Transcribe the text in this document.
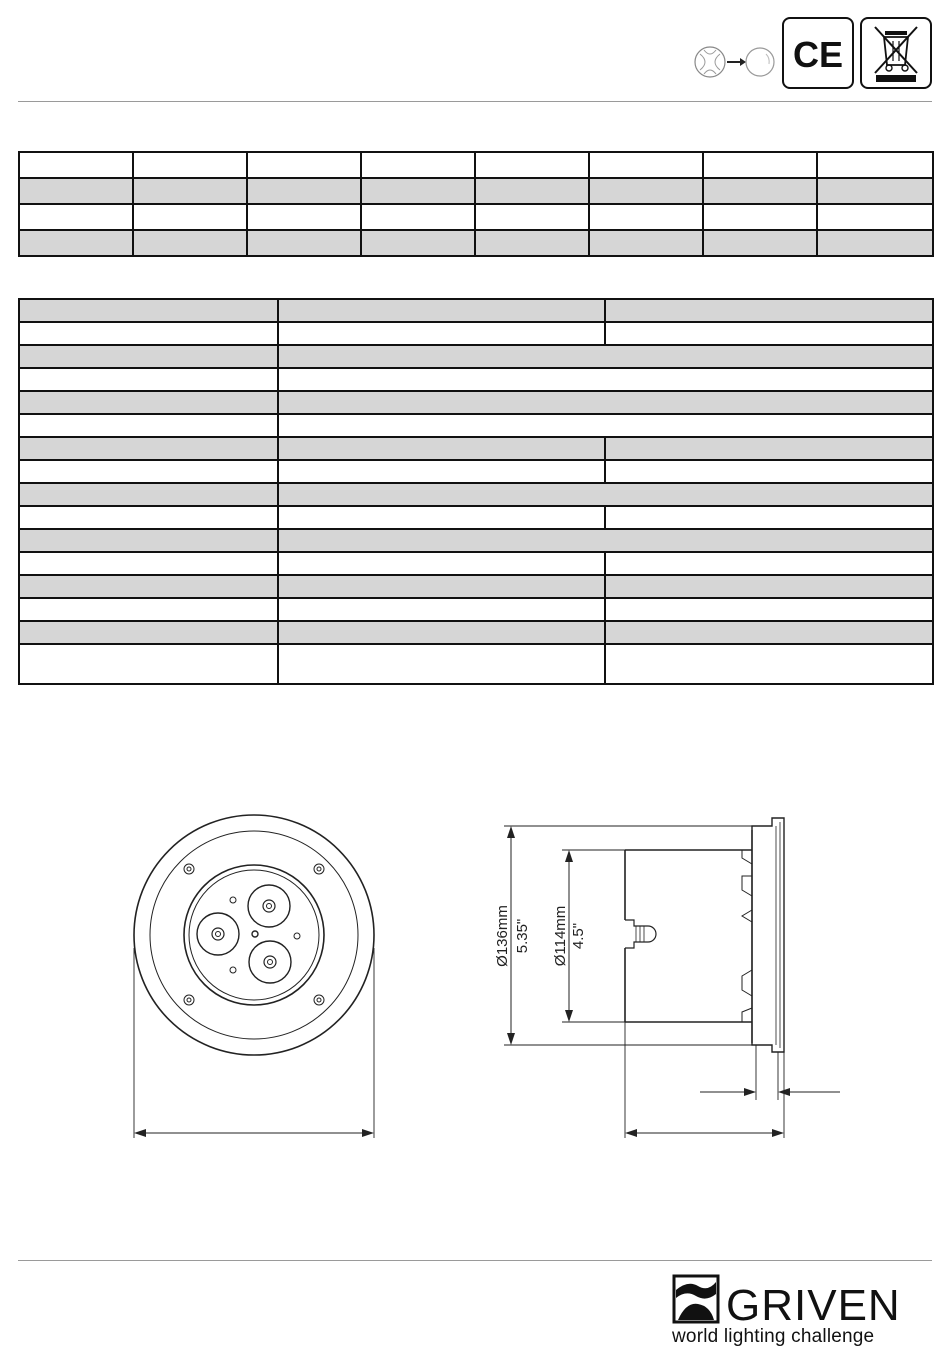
CE

Ø136mm 5.35" Ø114mm 4.5"
GRIVEN
world lighting challenge
